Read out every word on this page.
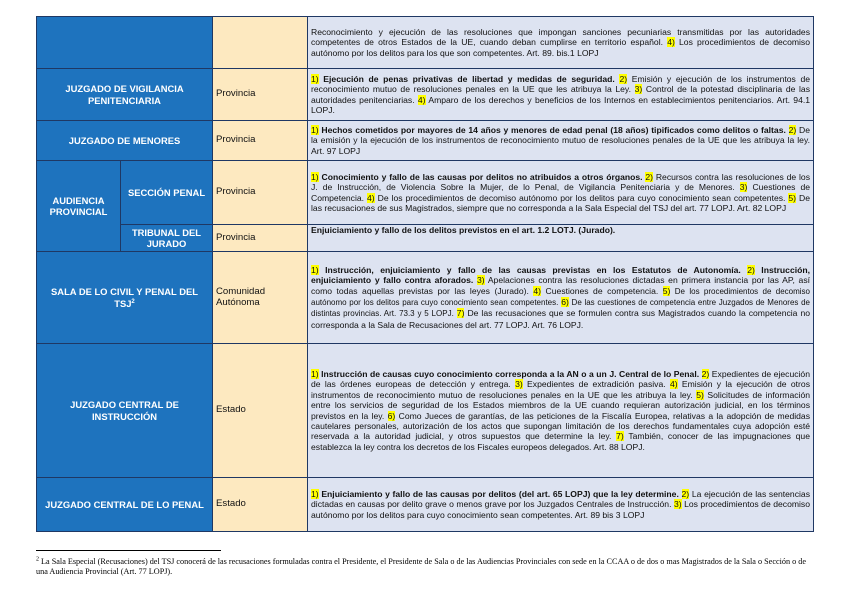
			Reconocimiento y ejecución de las resoluciones que impongan sanciones pecuniarias transmitidas por las autoridades competentes de otros Estados de la UE, cuando deban cumplirse en territorio español. 4) Los procedimientos de decomiso autónomo por los delitos para los que son competentes. Art. 89. bis.1 LOPJ
JUZGADO DE VIGILANCIA PENITENCIARIA		Provincia	1) Ejecución de penas privativas de libertad y medidas de seguridad. 2) Emisión y ejecución de los instrumentos de reconocimiento mutuo de resoluciones penales en la UE que les atribuya la Ley. 3) Control de la potestad disciplinaria de las autoridades penitenciarias. 4) Amparo de los derechos y beneficios de los Internos en establecimientos penitenciarios. Art. 94.1 LOPJ.
JUZGADO DE MENORES		Provincia	1) Hechos cometidos por mayores de 14 años y menores de edad penal (18 años) tipificados como delitos o faltas. 2) De la emisión y la ejecución de los instrumentos de reconocimiento mutuo de resoluciones penales de la UE que les atribuya la ley. Art. 97 LOPJ
AUDIENCIA PROVINCIAL	SECCIÓN PENAL	Provincia	1) Conocimiento y fallo de las causas por delitos no atribuidos a otros órganos. 2) Recursos contra las resoluciones de los J. de Instrucción, de Violencia Sobre la Mujer, de lo Penal, de Vigilancia Penitenciaria y de Menores. 3) Cuestiones de Competencia. 4) De los procedimientos de decomiso autónomo por los delitos para cuyo conocimiento sean competentes. 5) De las recusaciones de sus Magistrados, siempre que no corresponda a la Sala Especial del TSJ del art. 77 LOPJ. Art. 82 LOPJ
	TRIBUNAL DEL JURADO	Provincia	Enjuiciamiento y fallo de los delitos previstos en el art. 1.2 LOTJ. (Jurado).
SALA DE LO CIVIL Y PENAL DEL TSJ$^2$		Comunidad Autónoma	1) Instrucción, enjuiciamiento y fallo de las causas previstas en los Estatutos de Autonomía. 2) Instrucción, enjuiciamiento y fallo contra aforados. 3) Apelaciones contra las resoluciones dictadas en primera instancia por las AP, así como todas aquellas previstas por las leyes (Jurado). 4) Cuestiones de competencia. 5) De los procedimientos de decomiso autónomo por los delitos para cuyo conocimiento sean competentes. 6) De las cuestiones de competencia entre Juzgados de Menores de distintas provincias. Art. 73.3 y 5 LOPJ. 7) De las recusaciones que se formulen contra sus Magistrados cuando la competencia no corresponda a la Sala de Recusaciones del art. 77 LOPJ. Art. 76 LOPJ.
JUZGADO CENTRAL DE INSTRUCCIÓN		Estado	1) Instrucción de causas cuyo conocimiento corresponda a la AN o a un J. Central de lo Penal. 2) Expedientes de ejecución de las órdenes europeas de detección y entrega. 3) Expedientes de extradición pasiva. 4) Emisión y la ejecución de otros instrumentos de reconocimiento mutuo de resoluciones penales en la UE que les atribuya la ley. 5) Solicitudes de información entre los servicios de seguridad de los Estados miembros de la UE cuando requieran autorización judicial, en los términos previstos en la ley. 6) Como Jueces de garantías, de las peticiones de la Fiscalía Europea, relativas a la adopción de medidas cautelares personales, autorización de los actos que supongan limitación de los derechos fundamentales cuya adopción esté reservada a la autoridad judicial, y otros supuestos que determine la ley. 7) También, conocer de las impugnaciones que establezca la ley contra los decretos de los Fiscales europeos delegados. Art. 88 LOPJ.
JUZGADO CENTRAL DE LO PENAL		Estado	1) Enjuiciamiento y fallo de las causas por delitos (del art. 65 LOPJ) que la ley determine. 2) La ejecución de las sentencias dictadas en causas por delito grave o menos grave por los Juzgados Centrales de Instrucción. 3) Los procedimientos de decomiso autónomo por los delitos para cuyo conocimiento sean competentes. Art. 89 bis 3 LOPJ
$^2$ La Sala Especial (Recusaciones) del TSJ conocerá de las recusaciones formuladas contra el Presidente, el Presidente de Sala o de las Audiencias Provinciales con sede en la CCAA o de dos o mas Magistrados de la Sala o Sección o de una Audiencia Provincial (Art. 77 LOPJ).
